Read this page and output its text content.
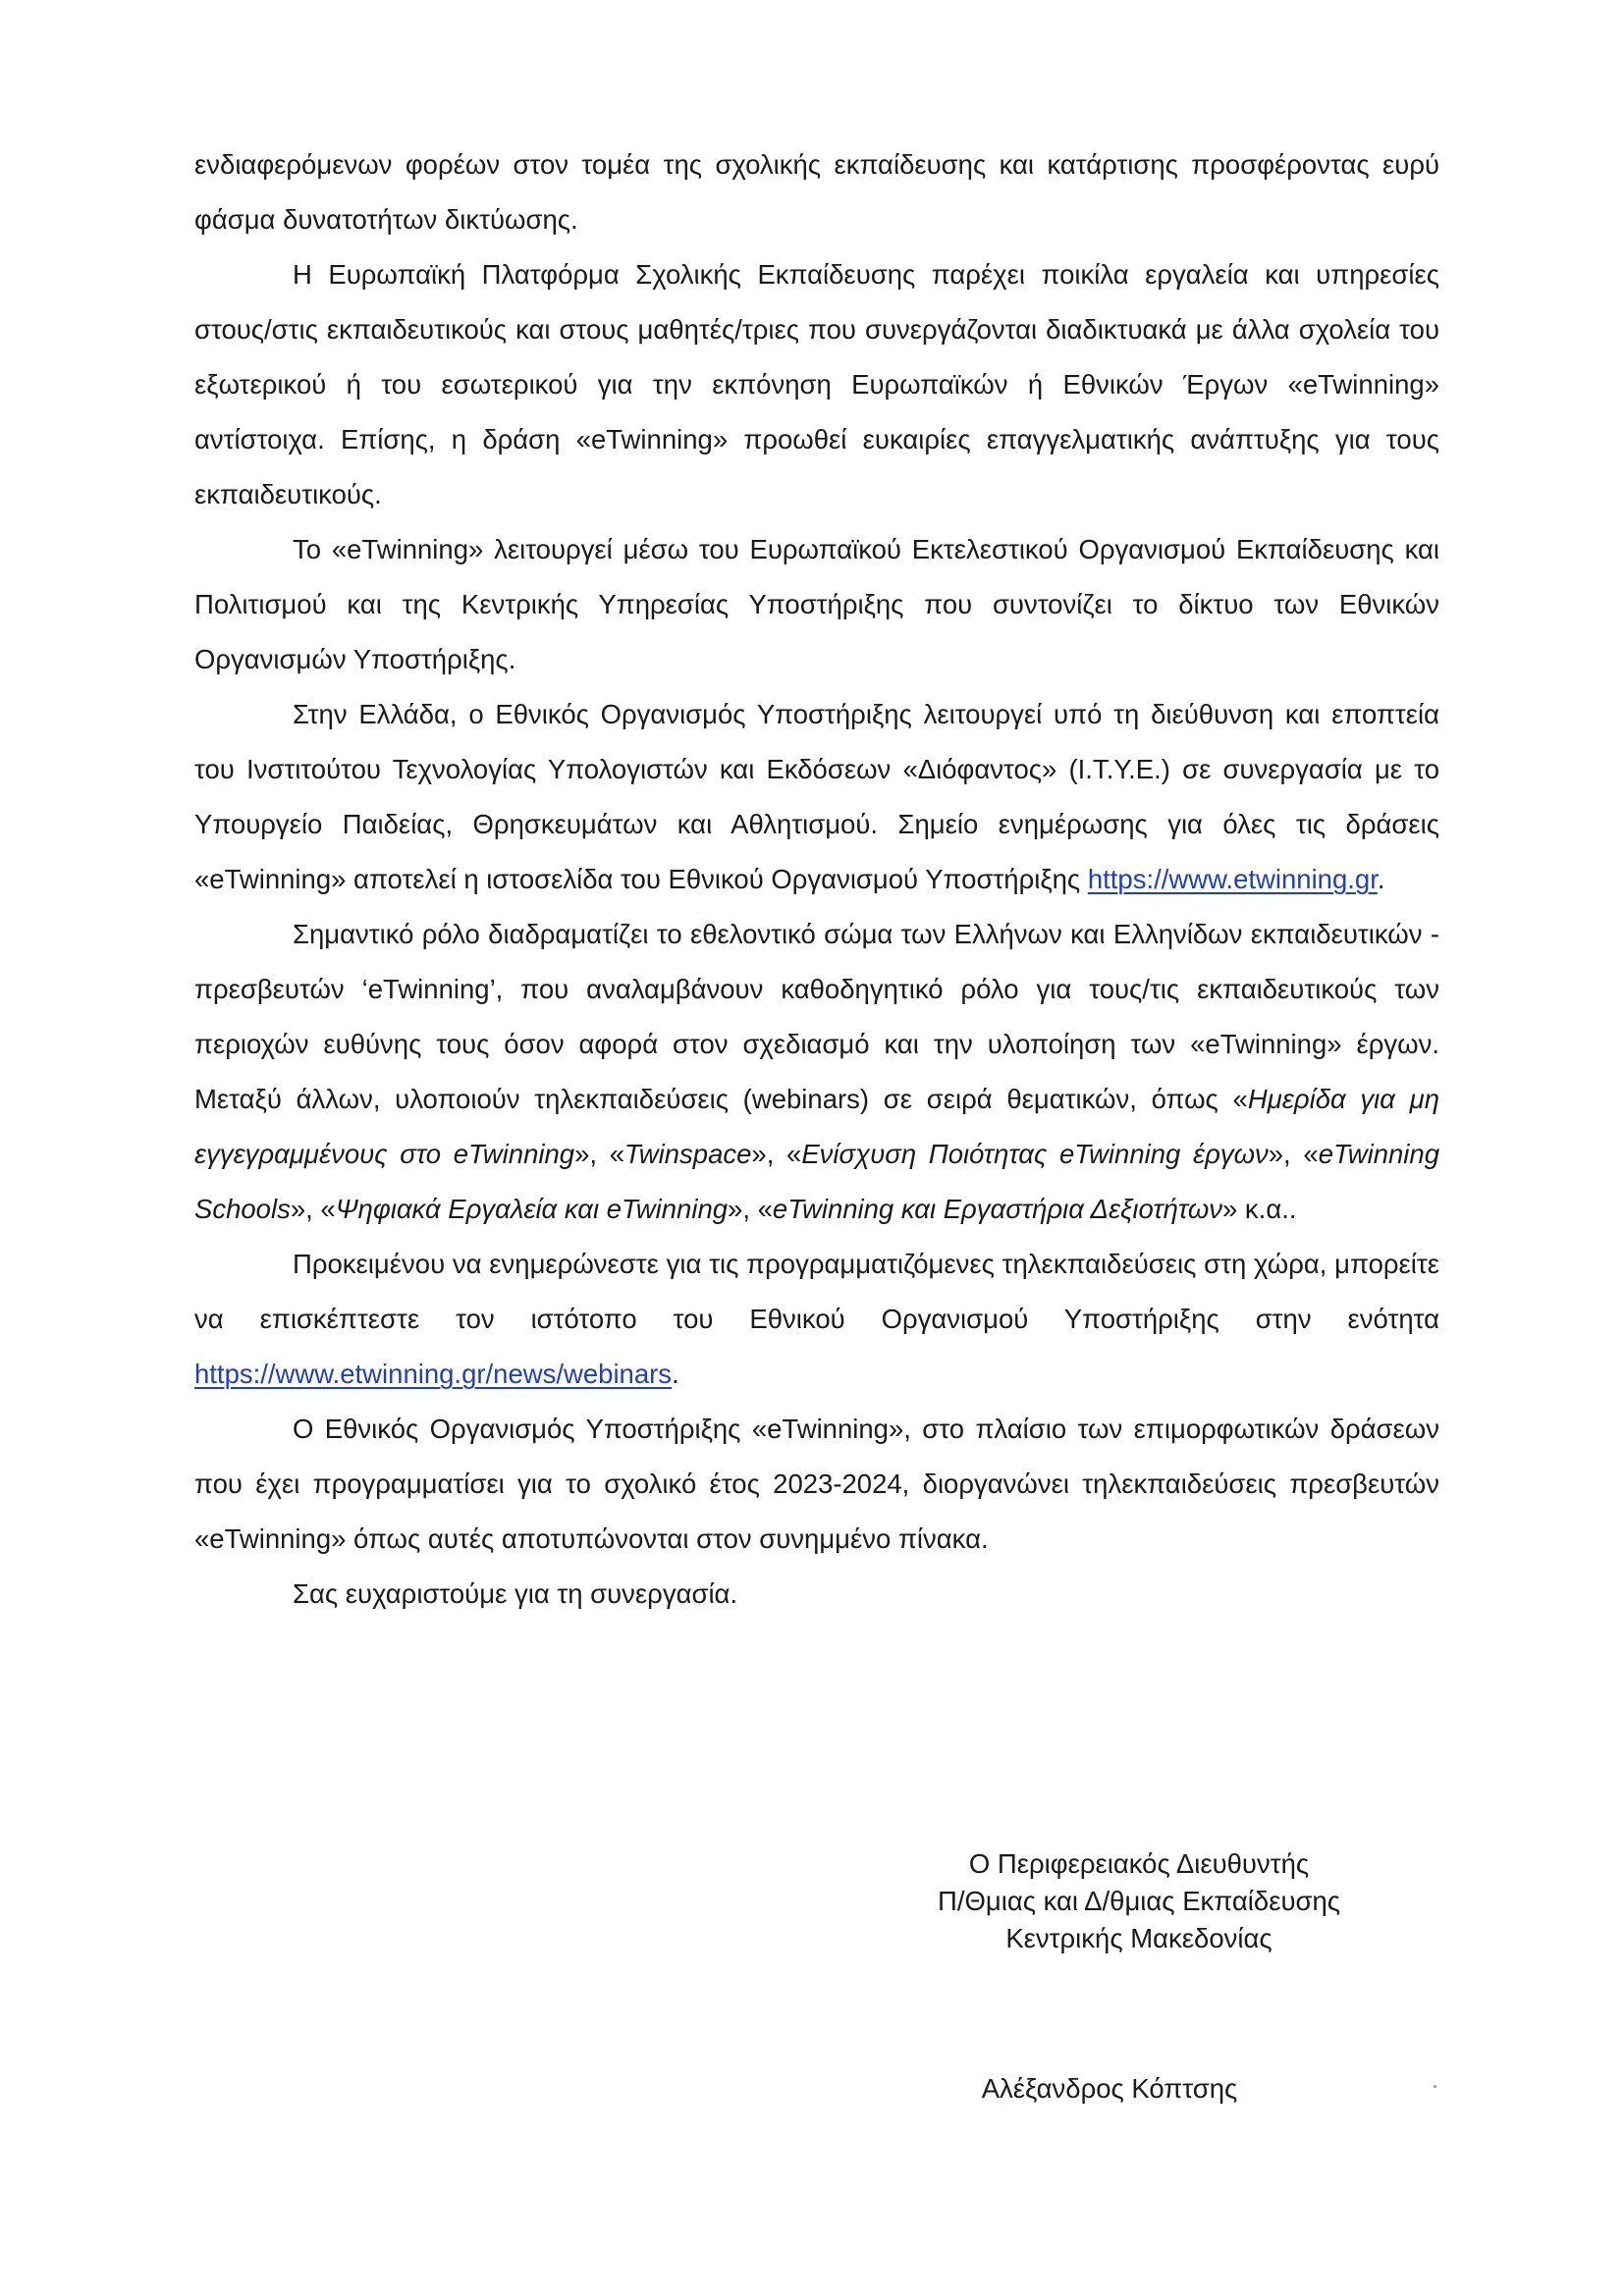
ενδιαφερόμενων φορέων στον τομέα της σχολικής εκπαίδευσης και κατάρτισης προσφέροντας ευρύ φάσμα δυνατοτήτων δικτύωσης.

Η Ευρωπαϊκή Πλατφόρμα Σχολικής Εκπαίδευσης παρέχει ποικίλα εργαλεία και υπηρεσίες στους/στις εκπαιδευτικούς και στους μαθητές/τριες που συνεργάζονται διαδικτυακά με άλλα σχολεία του εξωτερικού ή του εσωτερικού για την εκπόνηση Ευρωπαϊκών ή Εθνικών Έργων «eTwinning» αντίστοιχα. Επίσης, η δράση «eTwinning» προωθεί ευκαιρίες επαγγελματικής ανάπτυξης για τους εκπαιδευτικούς.

Το «eTwinning» λειτουργεί μέσω του Ευρωπαϊκού Εκτελεστικού Οργανισμού Εκπαίδευσης και Πολιτισμού και της Κεντρικής Υπηρεσίας Υποστήριξης που συντονίζει το δίκτυο των Εθνικών Οργανισμών Υποστήριξης.

Στην Ελλάδα, ο Εθνικός Οργανισμός Υποστήριξης λειτουργεί υπό τη διεύθυνση και εποπτεία του Ινστιτούτου Τεχνολογίας Υπολογιστών και Εκδόσεων «Διόφαντος» (Ι.Τ.Υ.Ε.) σε συνεργασία με το Υπουργείο Παιδείας, Θρησκευμάτων και Αθλητισμού. Σημείο ενημέρωσης για όλες τις δράσεις «eTwinning» αποτελεί η ιστοσελίδα του Εθνικού Οργανισμού Υποστήριξης https://www.etwinning.gr.

Σημαντικό ρόλο διαδραματίζει το εθελοντικό σώμα των Ελλήνων και Ελληνίδων εκπαιδευτικών - πρεσβευτών ‘eTwinning’, που αναλαμβάνουν καθοδηγητικό ρόλο για τους/τις εκπαιδευτικούς των περιοχών ευθύνης τους όσον αφορά στον σχεδιασμό και την υλοποίηση των «eTwinning» έργων. Μεταξύ άλλων, υλοποιούν τηλεκπαιδεύσεις (webinars) σε σειρά θεματικών, όπως «Ημερίδα για μη εγγεγραμμένους στο eTwinning», «Twinspace», «Ενίσχυση Ποιότητας eTwinning έργων», «eTwinning Schools», «Ψηφιακά Εργαλεία και eTwinning», «eTwinning και Εργαστήρια Δεξιοτήτων» κ.α..

Προκειμένου να ενημερώνεστε για τις προγραμματιζόμενες τηλεκπαιδεύσεις στη χώρα, μπορείτε να επισκέπτεστε τον ιστότοπο του Εθνικού Οργανισμού Υποστήριξης στην ενότητα https://www.etwinning.gr/news/webinars.

Ο Εθνικός Οργανισμός Υποστήριξης «eTwinning», στο πλαίσιο των επιμορφωτικών δράσεων που έχει προγραμματίσει για το σχολικό έτος 2023-2024, διοργανώνει τηλεκπαιδεύσεις πρεσβευτών «eTwinning» όπως αυτές αποτυπώνονται στον συνημμένο πίνακα.

Σας ευχαριστούμε για τη συνεργασία.

Ο Περιφερειακός Διευθυντής
Π/Θμιας και Δ/θμιας Εκπαίδευσης
Κεντρικής Μακεδονίας
Αλέξανδρος Κόπτσης
